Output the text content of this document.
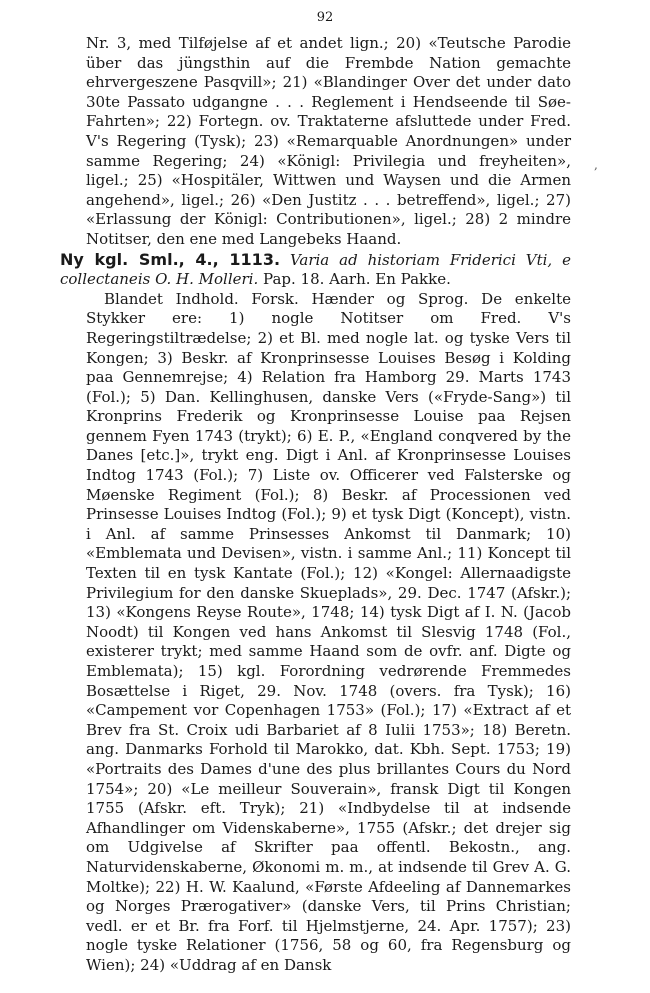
92
,

Nr. 3, med Tilføjelse af et andet lign.; 20) «Teutsche Parodie über das jüngsthin auf die Frembde Nation gemachte ehrvergeszene Pasqvill»; 21) «Blandinger Over det under dato 30te Passato udgangne . . . Reglement i Hendseende til Søe-Fahrten»; 22) Fortegn. ov. Traktaterne afsluttede under Fred. V's Regering (Tysk); 23) «Remarquable Anordnungen» under samme Regering; 24) «Königl: Privilegia und freyheiten», ligel.; 25) «Hospitäler, Wittwen und Waysen und die Armen angehend», ligel.; 26) «Den Justitz . . . betreffend», ligel.; 27) «Erlassung der Königl: Contributionen», ligel.; 28) 2 mindre Notitser, den ene med Langebeks Haand.

Ny kgl. Sml., 4., 1113. Varia ad historiam Friderici Vti, e collectaneis O. H. Molleri. Pap. 18. Aarh. En Pakke.

Blandet Indhold. Forsk. Hænder og Sprog. De enkelte Stykker ere: 1) nogle Notitser om Fred. V's Regeringstiltrædelse; 2) et Bl. med nogle lat. og tyske Vers til Kongen; 3) Beskr. af Kronprinsesse Louises Besøg i Kolding paa Gennemrejse; 4) Relation fra Hamborg 29. Marts 1743 (Fol.); 5) Dan. Kellinghusen, danske Vers («Fryde-Sang») til Kronprins Frederik og Kronprinsesse Louise paa Rejsen gennem Fyen 1743 (trykt); 6) E. P., «England conqvered by the Danes [etc.]», trykt eng. Digt i Anl. af Kronprinsesse Louises Indtog 1743 (Fol.); 7) Liste ov. Officerer ved Falsterske og Møenske Regiment (Fol.); 8) Beskr. af Processionen ved Prinsesse Louises Indtog (Fol.); 9) et tysk Digt (Koncept), vistn. i Anl. af samme Prinsesses Ankomst til Danmark; 10) «Emblemata und Devisen», vistn. i samme Anl.; 11) Koncept til Texten til en tysk Kantate (Fol.); 12) «Kongel: Allernaadigste Privilegium for den danske Skueplads», 29. Dec. 1747 (Afskr.); 13) «Kongens Reyse Route», 1748; 14) tysk Digt af I. N. (Jacob Noodt) til Kongen ved hans Ankomst til Slesvig 1748 (Fol., existerer trykt; med samme Haand som de ovfr. anf. Digte og Emblemata); 15) kgl. Forordning vedrørende Fremmedes Bosættelse i Riget, 29. Nov. 1748 (overs. fra Tysk); 16) «Campement vor Copenhagen 1753» (Fol.); 17) «Extract af et Brev fra St. Croix udi Barbariet af 8 Iulii 1753»; 18) Beretn. ang. Danmarks Forhold til Marokko, dat. Kbh. Sept. 1753; 19) «Portraits des Dames d'une des plus brillantes Cours du Nord 1754»; 20) «Le meilleur Souverain», fransk Digt til Kongen 1755 (Afskr. eft. Tryk); 21) «Indbydelse til at indsende Afhandlinger om Videnskaberne», 1755 (Afskr.; det drejer sig om Udgivelse af Skrifter paa offentl. Bekostn., ang. Naturvidenskaberne, Økonomi m. m., at indsende til Grev A. G. Moltke); 22) H. W. Kaalund, «Første Afdeeling af Dannemarkes og Norges Prærogativer» (danske Vers, til Prins Christian; vedl. er et Br. fra Forf. til Hjelmstjerne, 24. Apr. 1757); 23) nogle tyske Relationer (1756, 58 og 60, fra Regensburg og Wien); 24) «Uddrag af en Dansk
